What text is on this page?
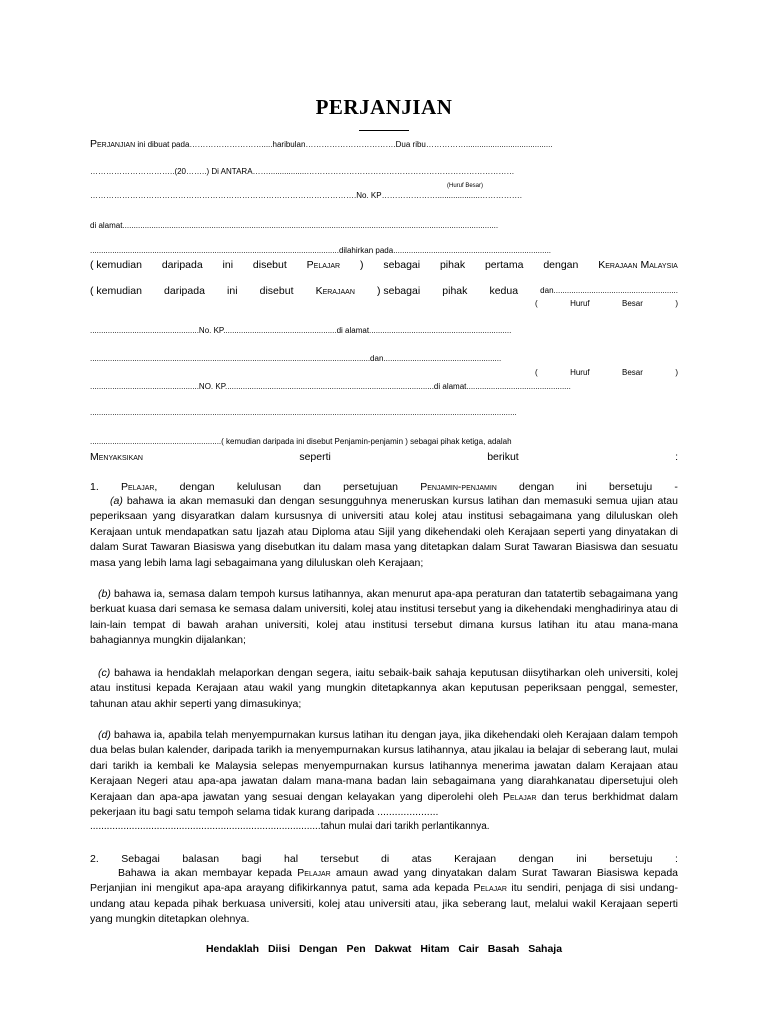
PERJANJIAN
Perjanjian ini dibuat pada……………………….....haribulan…………………………….Dua ribu…………….......................................
…………………………..(20……..) Di ANTARA…….................……………………………………………………………………
(Huruf Besar)
……………………………………………………………………………………….No. KP…………………...................…………….
di alamat.........................................................................................................................................................................
................................................................................................................dilahirkan pada.......................................................................
( kemudian daripada ini disebut Pelajar ) sebagai pihak pertama dengan Kerajaan Malaysia
( kemudian daripada ini disebut Kerajaan ) sebagai pihak kedua	dan........................................................
(	Huruf	Besar	)
.................................................No. KP...................................................di alamat................................................................
..............................................................................................................................dan.....................................................
(	Huruf	Besar	)
.................................................NO. KP..............................................................................................di alamat...............................................
................................................................................................................................................................................................
...........................................................( kemudian daripada ini disebut Penjamin-penjamin ) sebagai pihak ketiga, adalah
Menyaksikan	seperti	berikut	:
1. Pelajar, dengan kelulusan dan persetujuan Penjamin-penjamin dengan ini bersetuju -
(a) bahawa ia akan memasuki dan dengan sesungguhnya meneruskan kursus latihan dan memasuki semua ujian atau peperiksaan yang disyaratkan dalam kursusnya di universiti atau kolej atau institusi sebagaimana yang diluluskan oleh Kerajaan untuk mendapatkan satu Ijazah atau Diploma atau Sijil yang dikehendaki oleh Kerajaan seperti yang dinyatakan di dalam Surat Tawaran Biasiswa yang disebutkan itu dalam masa yang ditetapkan dalam Surat Tawaran Biasiswa dan sesuatu masa yang lebih lama lagi sebagaimana yang diluluskan oleh Kerajaan;
(b) bahawa ia, semasa dalam tempoh kursus latihannya, akan menurut apa-apa peraturan dan tatatertib sebagaimana yang berkuat kuasa dari semasa ke semasa dalam universiti, kolej atau institusi tersebut yang ia dikehendaki menghadirinya atau di lain-lain tempat di bawah arahan universiti, kolej atau institusi tersebut dimana kursus latihan itu atau mana-mana bahagiannya mungkin dijalankan;
(c) bahawa ia hendaklah melaporkan dengan segera, iaitu sebaik-baik sahaja keputusan diisytiharkan oleh universiti, kolej atau institusi kepada Kerajaan atau wakil yang mungkin ditetapkannya akan keputusan peperiksaan penggal, semester, tahunan atau akhir seperti yang dimasukinya;
(d) bahawa ia, apabila telah menyempurnakan kursus latihan itu dengan jaya, jika dikehendaki oleh Kerajaan dalam tempoh dua belas bulan kalender, daripada tarikh ia menyempurnakan kursus latihannya, atau jikalau ia belajar di seberang laut, mulai dari tarikh ia kembali ke Malaysia selepas menyempurnakan kursus latihannya menerima jawatan dalam Kerajaan atau Kerajaan Negeri atau apa-apa jawatan dalam mana-mana badan lain sebagaimana yang diarahkanatau dipersetujui oleh Kerajaan dan apa-apa jawatan yang sesuai dengan kelayakan yang diperolehi oleh Pelajar dan terus berkhidmat dalam pekerjaan itu bagi satu tempoh selama tidak kurang daripada .....................
...................................................................................tahun mulai dari tarikh perlantikannya.
2. Sebagai balasan bagi hal tersebut di atas Kerajaan dengan ini bersetuju :
Bahawa ia akan membayar kepada Pelajar amaun awad yang dinyatakan dalam Surat Tawaran Biasiswa kepada Perjanjian ini mengikut apa-apa arayang difikirkannya patut, sama ada kepada Pelajar itu sendiri, penjaga di sisi undang-undang atau kepada pihak berkuasa universiti, kolej atau universiti atau, jika seberang laut, melalui wakil Kerajaan seperti yang mungkin ditetapkan olehnya.
Hendaklah Diisi Dengan Pen Dakwat Hitam Cair Basah Sahaja
